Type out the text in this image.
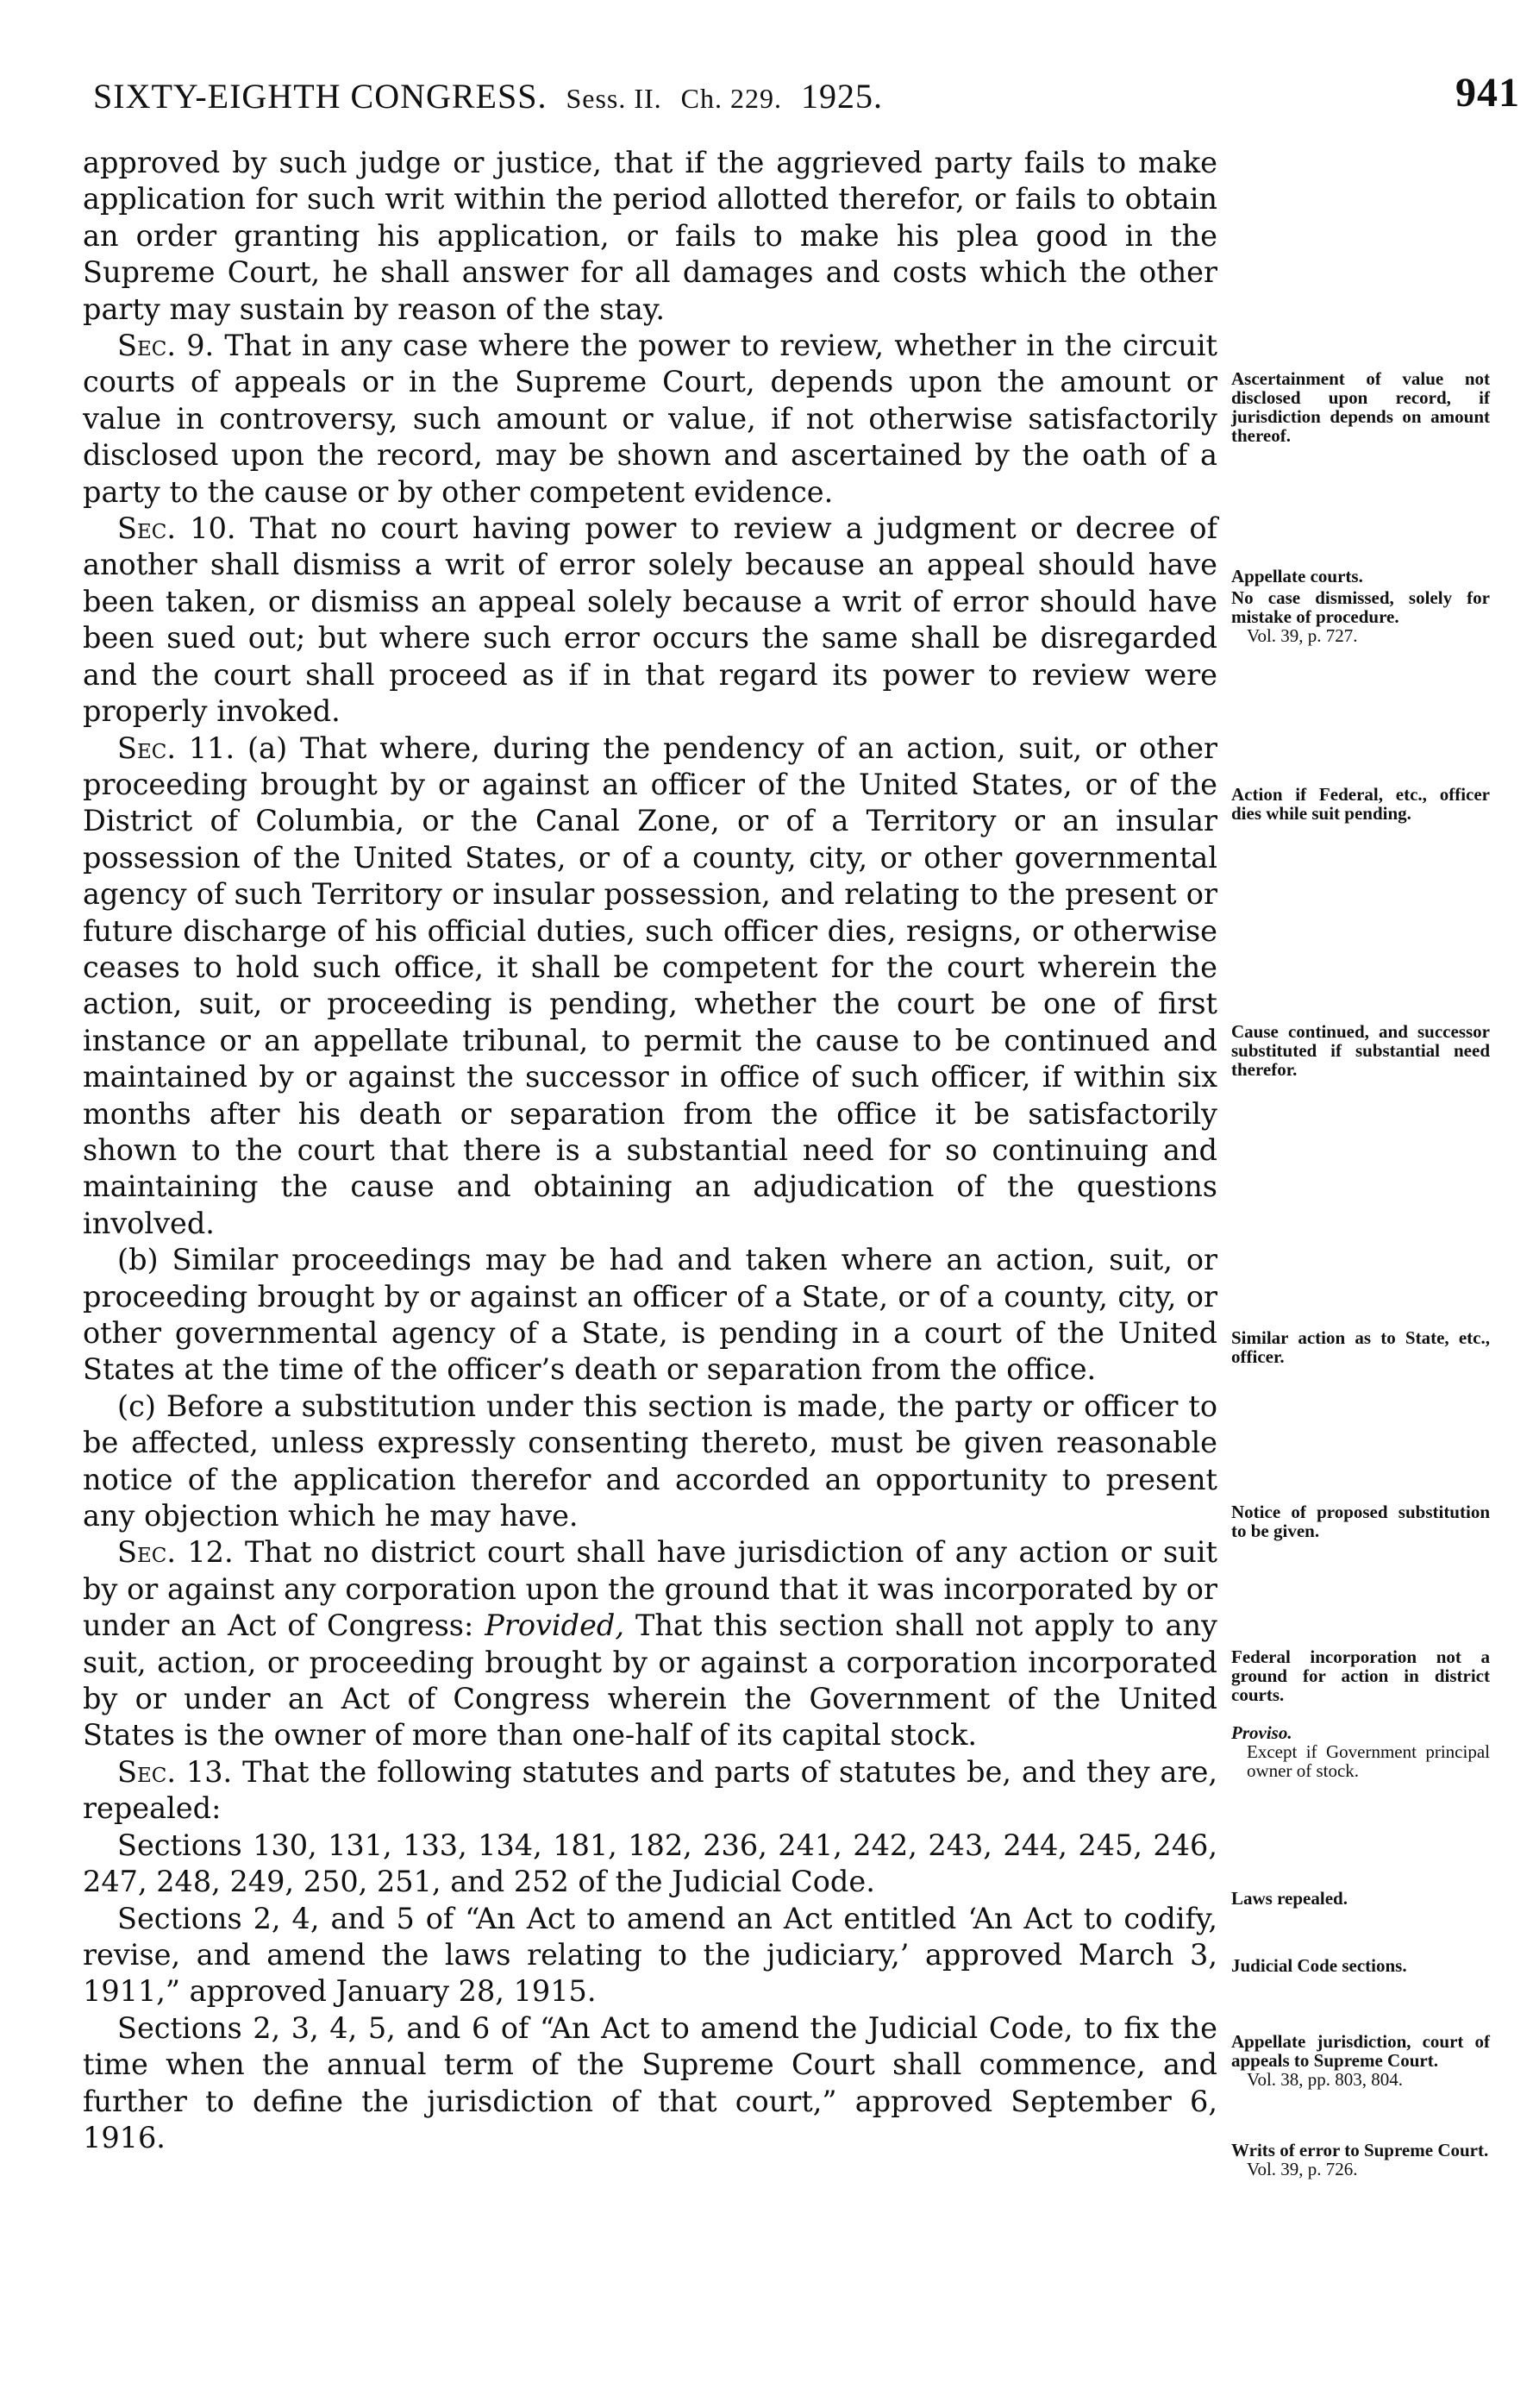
SIXTY-EIGHTH CONGRESS. Sess. II. Ch. 229. 1925.	941

approved by such judge or justice, that if the aggrieved party fails to make application for such writ within the period allotted therefor, or fails to obtain an order granting his application, or fails to make his plea good in the Supreme Court, he shall answer for all damages and costs which the other party may sustain by reason of the stay.

Sec. 9. That in any case where the power to review, whether in the circuit courts of appeals or in the Supreme Court, depends upon the amount or value in controversy, such amount or value, if not otherwise satisfactorily disclosed upon the record, may be shown and ascertained by the oath of a party to the cause or by other competent evidence.

Sec. 10. That no court having power to review a judgment or decree of another shall dismiss a writ of error solely because an appeal should have been taken, or dismiss an appeal solely because a writ of error should have been sued out; but where such error occurs the same shall be disregarded and the court shall proceed as if in that regard its power to review were properly invoked.

Sec. 11. (a) That where, during the pendency of an action, suit, or other proceeding brought by or against an officer of the United States, or of the District of Columbia, or the Canal Zone, or of a Territory or an insular possession of the United States, or of a county, city, or other governmental agency of such Territory or insular possession, and relating to the present or future discharge of his official duties, such officer dies, resigns, or otherwise ceases to hold such office, it shall be competent for the court wherein the action, suit, or proceeding is pending, whether the court be one of first instance or an appellate tribunal, to permit the cause to be continued and maintained by or against the successor in office of such officer, if within six months after his death or separation from the office it be satisfactorily shown to the court that there is a substantial need for so continuing and maintaining the cause and obtaining an adjudication of the questions involved.

(b) Similar proceedings may be had and taken where an action, suit, or proceeding brought by or against an officer of a State, or of a county, city, or other governmental agency of a State, is pending in a court of the United States at the time of the officer’s death or separation from the office.

(c) Before a substitution under this section is made, the party or officer to be affected, unless expressly consenting thereto, must be given reasonable notice of the application therefor and accorded an opportunity to present any objection which he may have.

Sec. 12. That no district court shall have jurisdiction of any action or suit by or against any corporation upon the ground that it was incorporated by or under an Act of Congress: Provided, That this section shall not apply to any suit, action, or proceeding brought by or against a corporation incorporated by or under an Act of Congress wherein the Government of the United States is the owner of more than one-half of its capital stock.

Sec. 13. That the following statutes and parts of statutes be, and they are, repealed:

Sections 130, 131, 133, 134, 181, 182, 236, 241, 242, 243, 244, 245, 246, 247, 248, 249, 250, 251, and 252 of the Judicial Code.

Sections 2, 4, and 5 of “An Act to amend an Act entitled ‘An Act to codify, revise, and amend the laws relating to the judiciary,’ approved March 3, 1911,” approved January 28, 1915.

Sections 2, 3, 4, 5, and 6 of “An Act to amend the Judicial Code, to fix the time when the annual term of the Supreme Court shall commence, and further to define the jurisdiction of that court,” approved September 6, 1916.

Ascertainment of value not disclosed upon record, if jurisdiction depends on amount thereof.
Appellate courts.
No case dismissed, solely for mistake of procedure.
Vol. 39, p. 727.
Action if Federal, etc., officer dies while suit pending.
Cause continued, and successor substituted if substantial need therefor.
Similar action as to State, etc., officer.
Notice of proposed substitution to be given.
Federal incorporation not a ground for action in district courts.
Proviso.
Except if Government principal owner of stock.
Laws repealed.
Judicial Code sections.
Appellate jurisdiction, court of appeals to Supreme Court.
Vol. 38, pp. 803, 804.
Writs of error to Supreme Court.
Vol. 39, p. 726.
